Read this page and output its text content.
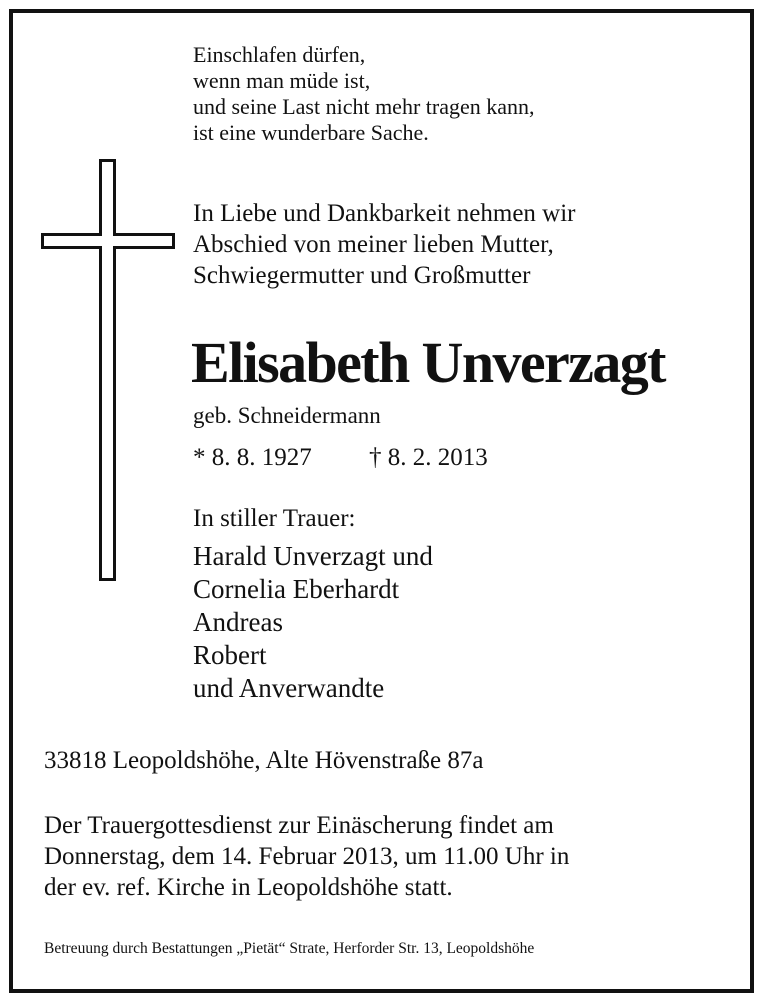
Einschlafen dürfen,
wenn man müde ist,
und seine Last nicht mehr tragen kann,
ist eine wunderbare Sache.

In Liebe und Dankbarkeit nehmen wir
Abschied von meiner lieben Mutter,
Schwiegermutter und Großmutter

Elisabeth Unverzagt

geb. Schneidermann

* 8. 8. 1927 † 8. 2. 2013

In stiller Trauer:

Harald Unverzagt und
Cornelia Eberhardt
Andreas
Robert
und Anverwandte

33818 Leopoldshöhe, Alte Hövenstraße 87a

Der Trauergottesdienst zur Einäscherung findet am
Donnerstag, dem 14. Februar 2013, um 11.00 Uhr in
der ev. ref. Kirche in Leopoldshöhe statt.

Betreuung durch Bestattungen „Pietät“ Strate, Herforder Str. 13, Leopoldshöhe
